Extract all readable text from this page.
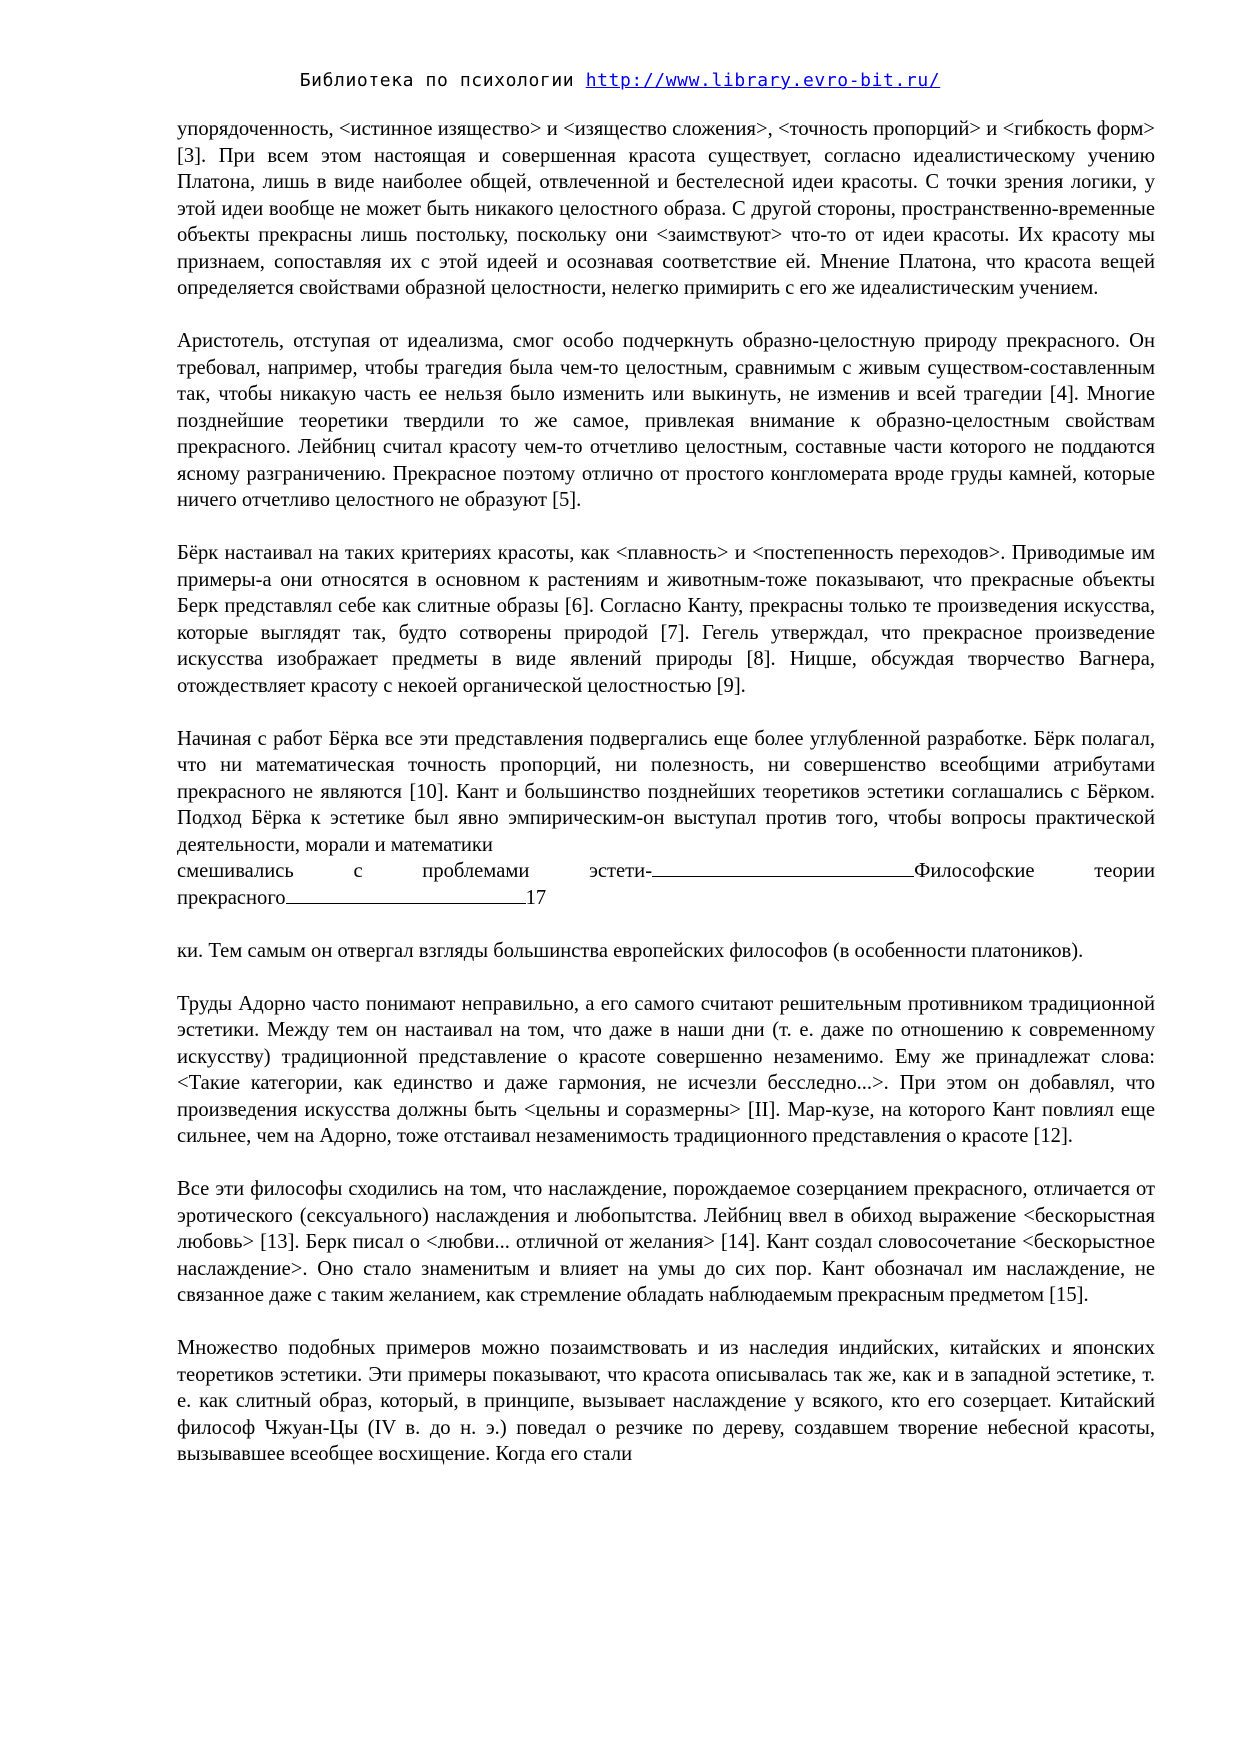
Библиотека по психологии http://www.library.evro-bit.ru/

упорядоченность, <истинное изящество> и <изящество сложения>, <точность пропорций> и <гибкость форм> [3]. При всем этом настоящая и совершенная красота существует, согласно идеалистическому учению Платона, лишь в виде наиболее общей, отвлеченной и бестелесной идеи красоты. С точки зрения логики, у этой идеи вообще не может быть никакого целостного образа. С другой стороны, пространственно-временные объекты прекрасны лишь постольку, поскольку они <заимствуют> что-то от идеи красоты. Их красоту мы признаем, сопоставляя их с этой идеей и осознавая соответствие ей. Мнение Платона, что красота вещей определяется свойствами образной целостности, нелегко примирить с его же идеалистическим учением.

Аристотель, отступая от идеализма, смог особо подчеркнуть образно-целостную природу прекрасного. Он требовал, например, чтобы трагедия была чем-то целостным, сравнимым с живым существом-составленным так, чтобы никакую часть ее нельзя было изменить или выкинуть, не изменив и всей трагедии [4]. Многие позднейшие теоретики твердили то же самое, привлекая внимание к образно-целостным свойствам прекрасного. Лейбниц считал красоту чем-то отчетливо целостным, составные части которого не поддаются ясному разграничению. Прекрасное поэтому отлично от простого конгломерата вроде груды камней, которые ничего отчетливо целостного не образуют [5].

Бёрк настаивал на таких критериях красоты, как <плавность> и <постепенность переходов>. Приводимые им примеры-а они относятся в основном к растениям и животным-тоже показывают, что прекрасные объекты Берк представлял себе как слитные образы [6]. Согласно Канту, прекрасны только те произведения искусства, которые выглядят так, будто сотворены природой [7]. Гегель утверждал, что прекрасное произведение искусства изображает предметы в виде явлений природы [8]. Ницше, обсуждая творчество Вагнера, отождествляет красоту с некоей органической целостностью [9].

Начиная с работ Бёрка все эти представления подвергались еще более углубленной разработке. Бёрк полагал, что ни математическая точность пропорций, ни полезность, ни совершенство всеобщими атрибутами прекрасного не являются [10]. Кант и большинство позднейших теоретиков эстетики соглашались с Бёрком. Подход Бёрка к эстетике был явно эмпирическим-он выступал против того, чтобы вопросы практической деятельности, морали и математики

смешивались с проблемами эстети-	Философские теории
прекрасного	17

ки. Тем самым он отвергал взгляды большинства европейских философов (в особенности платоников).

Труды Адорно часто понимают неправильно, а его самого считают решительным противником традиционной эстетики. Между тем он настаивал на том, что даже в наши дни (т. е. даже по отношению к современному искусству) традиционной представление о красоте совершенно незаменимо. Ему же принадлежат слова: <Такие категории, как единство и даже гармония, не исчезли бесследно...>. При этом он добавлял, что произведения искусства должны быть <цельны и соразмерны> [II]. Мар-кузе, на которого Кант повлиял еще сильнее, чем на Адорно, тоже отстаивал незаменимость традиционного представления о красоте [12].

Все эти философы сходились на том, что наслаждение, порождаемое созерцанием прекрасного, отличается от эротического (сексуального) наслаждения и любопытства. Лейбниц ввел в обиход выражение <бескорыстная любовь> [13]. Берк писал о <любви... отличной от желания> [14]. Кант создал словосочетание <бескорыстное наслаждение>. Оно стало знаменитым и влияет на умы до сих пор. Кант обозначал им наслаждение, не связанное даже с таким желанием, как стремление обладать наблюдаемым прекрасным предметом [15].

Множество подобных примеров можно позаимствовать и из наследия индийских, китайских и японских теоретиков эстетики. Эти примеры показывают, что красота описывалась так же, как и в западной эстетике, т. е. как слитный образ, который, в принципе, вызывает наслаждение у всякого, кто его созерцает. Китайский философ Чжуан-Цы (IV в. до н. э.) поведал о резчике по дереву, создавшем творение небесной красоты, вызывавшее всеобщее восхищение. Когда его стали
